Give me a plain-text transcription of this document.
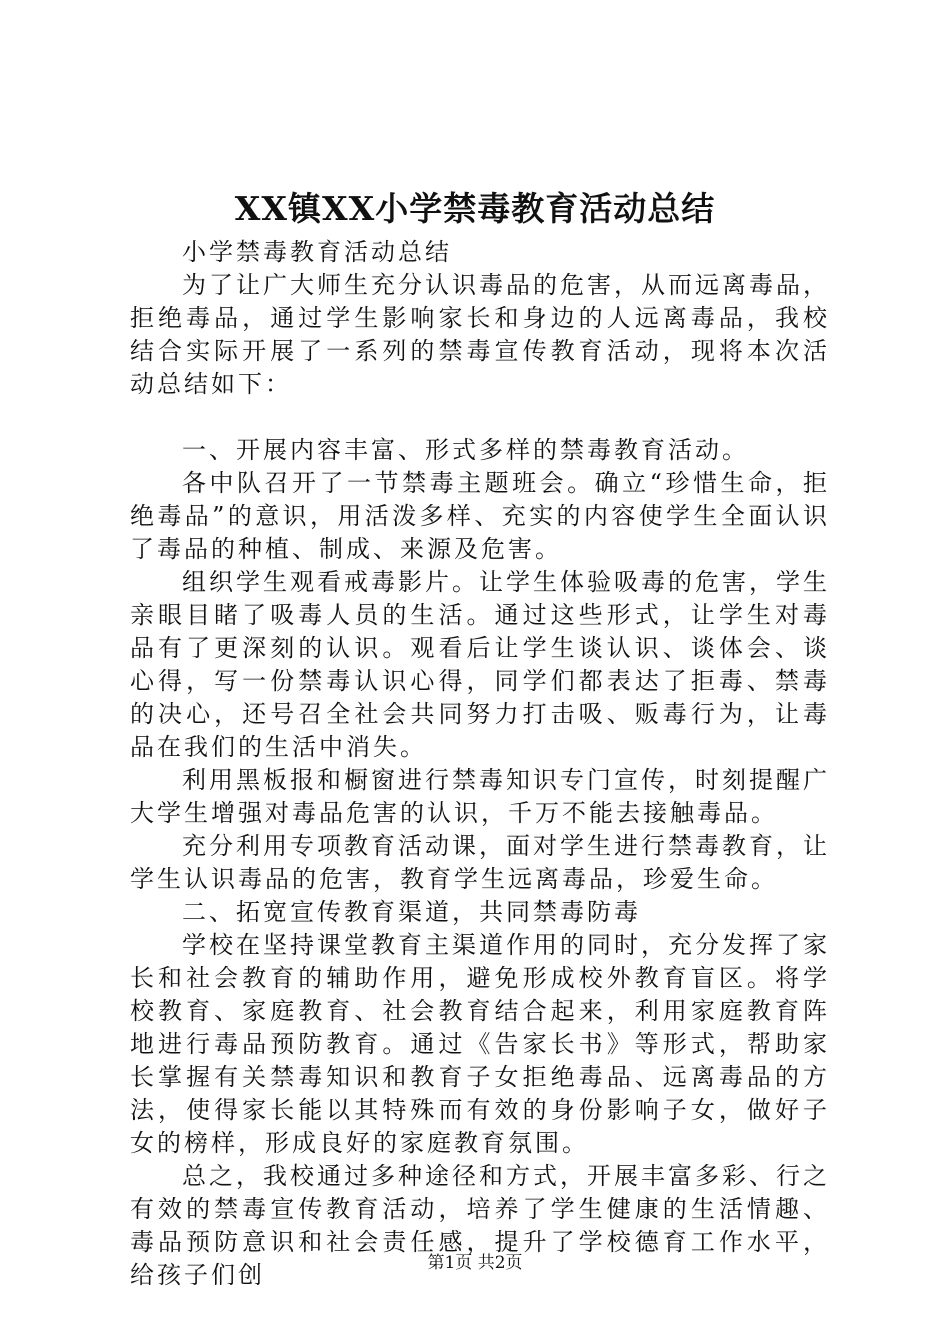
XX镇XX小学禁毒教育活动总结

小学禁毒教育活动总结

为了让广大师生充分认识毒品的危害，从而远离毒品，拒绝毒品，通过学生影响家长和身边的人远离毒品，我校结合实际开展了一系列的禁毒宣传教育活动，现将本次活动总结如下：

一、开展内容丰富、形式多样的禁毒教育活动。

各中队召开了一节禁毒主题班会。确立“珍惜生命，拒绝毒品”的意识，用活泼多样、充实的内容使学生全面认识了毒品的种植、制成、来源及危害。

组织学生观看戒毒影片。让学生体验吸毒的危害，学生亲眼目睹了吸毒人员的生活。通过这些形式，让学生对毒品有了更深刻的认识。观看后让学生谈认识、谈体会、谈心得，写一份禁毒认识心得，同学们都表达了拒毒、禁毒的决心，还号召全社会共同努力打击吸、贩毒行为，让毒品在我们的生活中消失。

利用黑板报和橱窗进行禁毒知识专门宣传，时刻提醒广大学生增强对毒品危害的认识，千万不能去接触毒品。

充分利用专项教育活动课，面对学生进行禁毒教育，让学生认识毒品的危害，教育学生远离毒品，珍爱生命。

二、拓宽宣传教育渠道，共同禁毒防毒

学校在坚持课堂教育主渠道作用的同时，充分发挥了家长和社会教育的辅助作用，避免形成校外教育盲区。将学校教育、家庭教育、社会教育结合起来，利用家庭教育阵地进行毒品预防教育。通过《告家长书》等形式，帮助家长掌握有关禁毒知识和教育子女拒绝毒品、远离毒品的方法，使得家长能以其特殊而有效的身份影响子女，做好子女的榜样，形成良好的家庭教育氛围。

总之，我校通过多种途径和方式，开展丰富多彩、行之有效的禁毒宣传教育活动，培养了学生健康的生活情趣、毒品预防意识和社会责任感，提升了学校德育工作水平，给孩子们创	第1页 共2页
